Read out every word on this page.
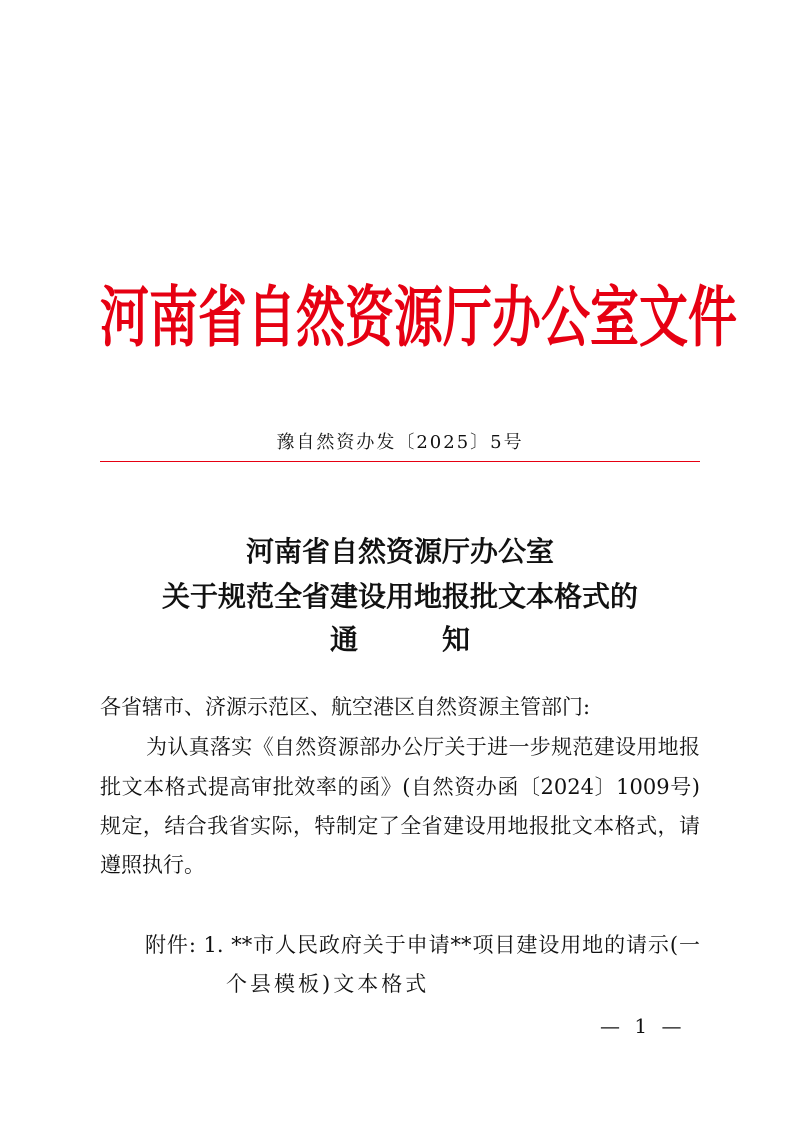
河南省自然资源厅办公室文件
豫自然资办发〔2025〕5号
河南省自然资源厅办公室
关于规范全省建设用地报批文本格式的
通　　　知
各省辖市、济源示范区、航空港区自然资源主管部门:
为认真落实《自然资源部办公厅关于进一步规范建设用地报
批文本格式提高审批效率的函》(自然资办函〔2024〕1009号)
规定，结合我省实际，特制定了全省建设用地报批文本格式，请
遵照执行。
附件: 1. **市人民政府关于申请**项目建设用地的请示(一
个县模板)文本格式
— 1 —
